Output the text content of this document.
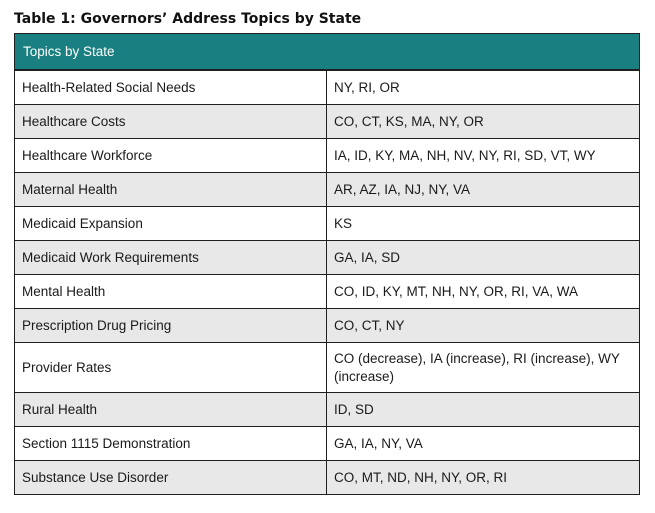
Table 1: Governors’ Address Topics by State
Topics by State	
Health-Related Social Needs	NY, RI, OR
Healthcare Costs	CO, CT, KS, MA, NY, OR
Healthcare Workforce	IA, ID, KY, MA, NH, NV, NY, RI, SD, VT, WY
Maternal Health	AR, AZ, IA, NJ, NY, VA
Medicaid Expansion	KS
Medicaid Work Requirements	GA, IA, SD
Mental Health	CO, ID, KY, MT, NH, NY, OR, RI, VA, WA
Prescription Drug Pricing	CO, CT, NY
Provider Rates	CO (decrease), IA (increase), RI (increase), WY (increase)
Rural Health	ID, SD
Section 1115 Demonstration	GA, IA, NY, VA
Substance Use Disorder	CO, MT, ND, NH, NY, OR, RI
